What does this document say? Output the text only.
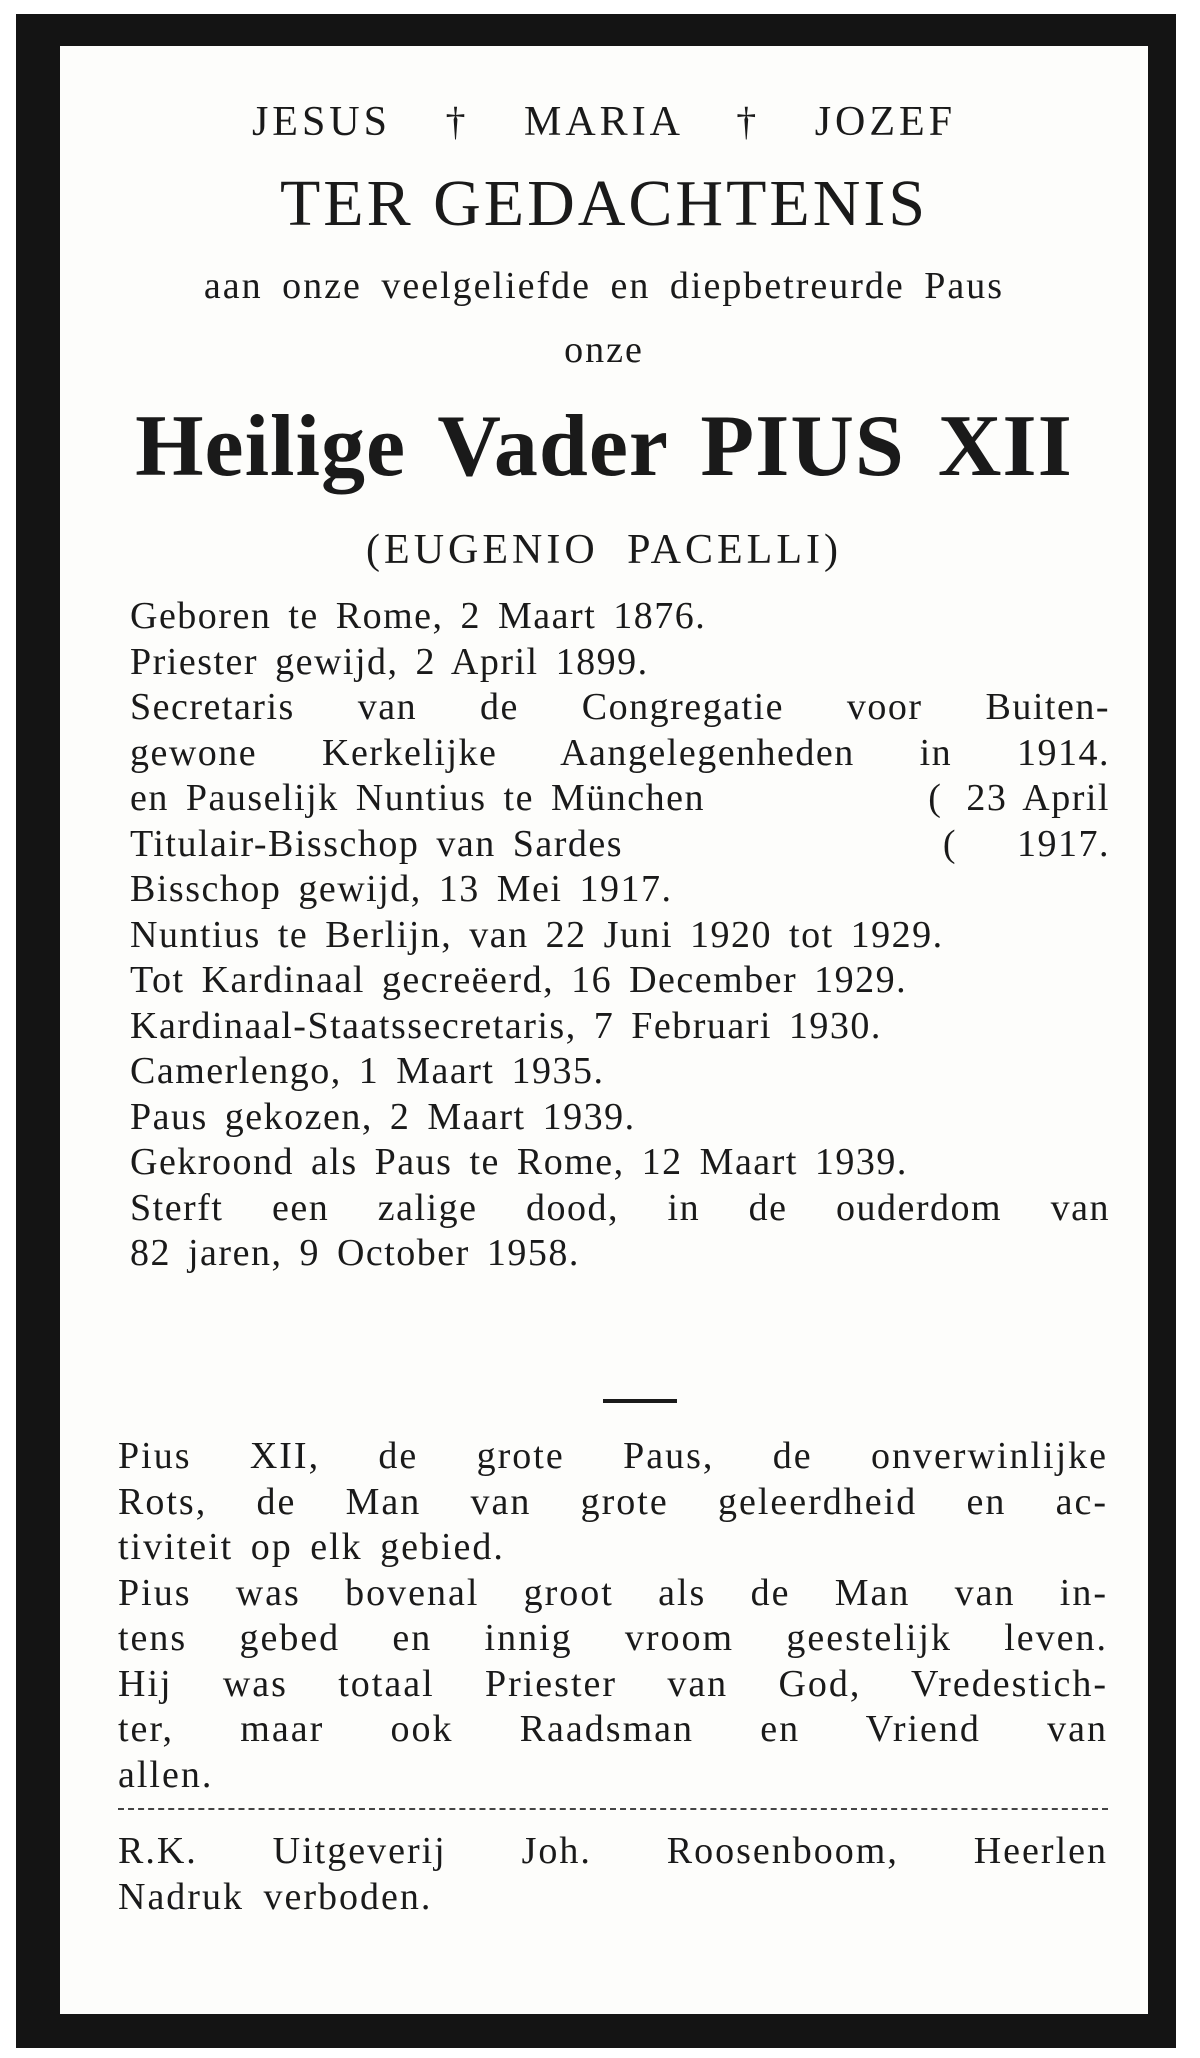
JESUS † MARIA † JOZEF
TER GEDACHTENIS
aan onze veelgeliefde en diepbetreurde Paus
onze
Heilige Vader PIUS XII
(EUGENIO PACELLI)
Geboren te Rome, 2 Maart 1876.
Priester gewijd, 2 April 1899.
Secretaris van de Congregatie voor Buiten-
gewone Kerkelijke Aangelegenheden in 1914.
en Pauselijk Nuntius te München	( 23 April
Titulair-Bisschop van Sardes	( 1917.
Bisschop gewijd, 13 Mei 1917.
Nuntius te Berlijn, van 22 Juni 1920 tot 1929.
Tot Kardinaal gecreëerd, 16 December 1929.
Kardinaal-Staatssecretaris, 7 Februari 1930.
Camerlengo, 1 Maart 1935.
Paus gekozen, 2 Maart 1939.
Gekroond als Paus te Rome, 12 Maart 1939.
Sterft een zalige dood, in de ouderdom van
82 jaren, 9 October 1958.
Pius XII, de grote Paus, de onverwinlijke
Rots, de Man van grote geleerdheid en ac-
tiviteit op elk gebied.
Pius was bovenal groot als de Man van in-
tens gebed en innig vroom geestelijk leven.
Hij was totaal Priester van God, Vredestich-
ter, maar ook Raadsman en Vriend van
allen.
R.K. Uitgeverij Joh. Roosenboom, Heerlen
Nadruk verboden.
